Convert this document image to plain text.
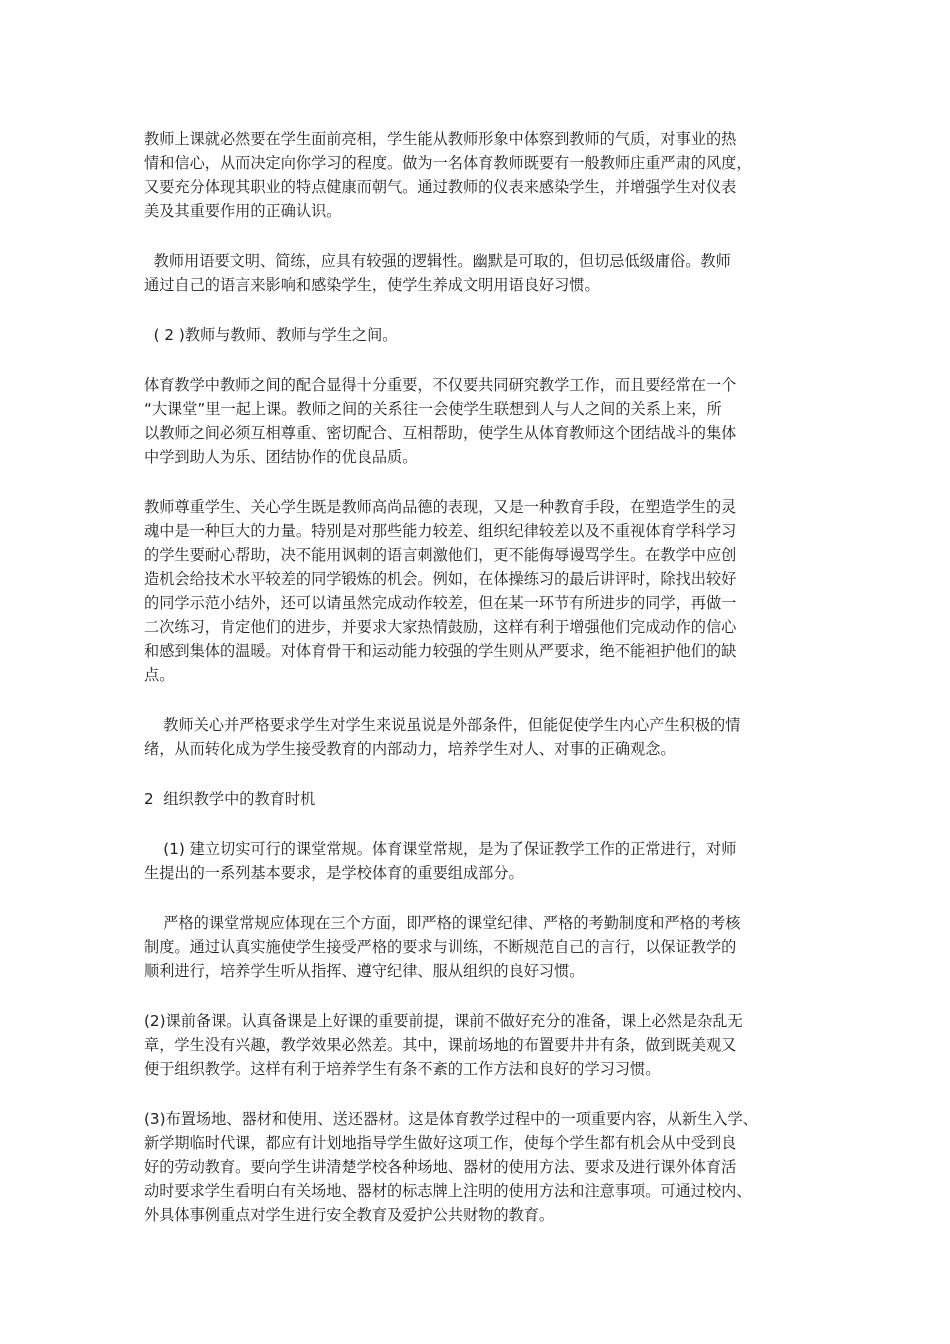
教师上课就必然要在学生面前亮相，学生能从教师形象中体察到教师的气质，对事业的热
情和信心，从而决定向你学习的程度。做为一名体育教师既要有一般教师庄重严肃的风度，
又要充分体现其职业的特点健康而朝气。通过教师的仪表来感染学生，并增强学生对仪表
美及其重要作用的正确认识。
教师用语要文明、简练，应具有较强的逻辑性。幽默是可取的，但切忌低级庸俗。教师
通过自己的语言来影响和感染学生，使学生养成文明用语良好习惯。
( 2 )教师与教师、教师与学生之间。
体育教学中教师之间的配合显得十分重要，不仅要共同研究教学工作，而且要经常在一个
“大课堂”里一起上课。教师之间的关系往一会使学生联想到人与人之间的关系上来，所
以教师之间必须互相尊重、密切配合、互相帮助，使学生从体育教师这个团结战斗的集体
中学到助人为乐、团结协作的优良品质。
教师尊重学生、关心学生既是教师高尚品德的表现，又是一种教育手段，在塑造学生的灵
魂中是一种巨大的力量。特别是对那些能力较差、组织纪律较差以及不重视体育学科学习
的学生要耐心帮助，决不能用讽刺的语言刺激他们，更不能侮辱谩骂学生。在教学中应创
造机会给技术水平较差的同学锻炼的机会。例如，在体操练习的最后讲评时，除找出较好
的同学示范小结外，还可以请虽然完成动作较差，但在某一环节有所进步的同学，再做一
二次练习，肯定他们的进步，并要求大家热情鼓励，这样有利于增强他们完成动作的信心
和感到集体的温暖。对体育骨干和运动能力较强的学生则从严要求，绝不能袒护他们的缺
点。
教师关心并严格要求学生对学生来说虽说是外部条件，但能促使学生内心产生积极的情
绪，从而转化成为学生接受教育的内部动力，培养学生对人、对事的正确观念。
2  组织教学中的教育时机
(1) 建立切实可行的课堂常规。体育课堂常规，是为了保证教学工作的正常进行，对师
生提出的一系列基本要求，是学校体育的重要组成部分。
严格的课堂常规应体现在三个方面，即严格的课堂纪律、严格的考勤制度和严格的考核
制度。通过认真实施使学生接受严格的要求与训练，不断规范自己的言行，以保证教学的
顺利进行，培养学生听从指挥、遵守纪律、服从组织的良好习惯。
(2)课前备课。认真备课是上好课的重要前提，课前不做好充分的准备，课上必然是杂乱无
章，学生没有兴趣，教学效果必然差。其中，课前场地的布置要井井有条，做到既美观又
便于组织教学。这样有利于培养学生有条不紊的工作方法和良好的学习习惯。
(3)布置场地、器材和使用、送还器材。这是体育教学过程中的一项重要内容，从新生入学、
新学期临时代课，都应有计划地指导学生做好这项工作，使每个学生都有机会从中受到良
好的劳动教育。要向学生讲清楚学校各种场地、器材的使用方法、要求及进行课外体育活
动时要求学生看明白有关场地、器材的标志牌上注明的使用方法和注意事项。可通过校内、
外具体事例重点对学生进行安全教育及爱护公共财物的教育。
